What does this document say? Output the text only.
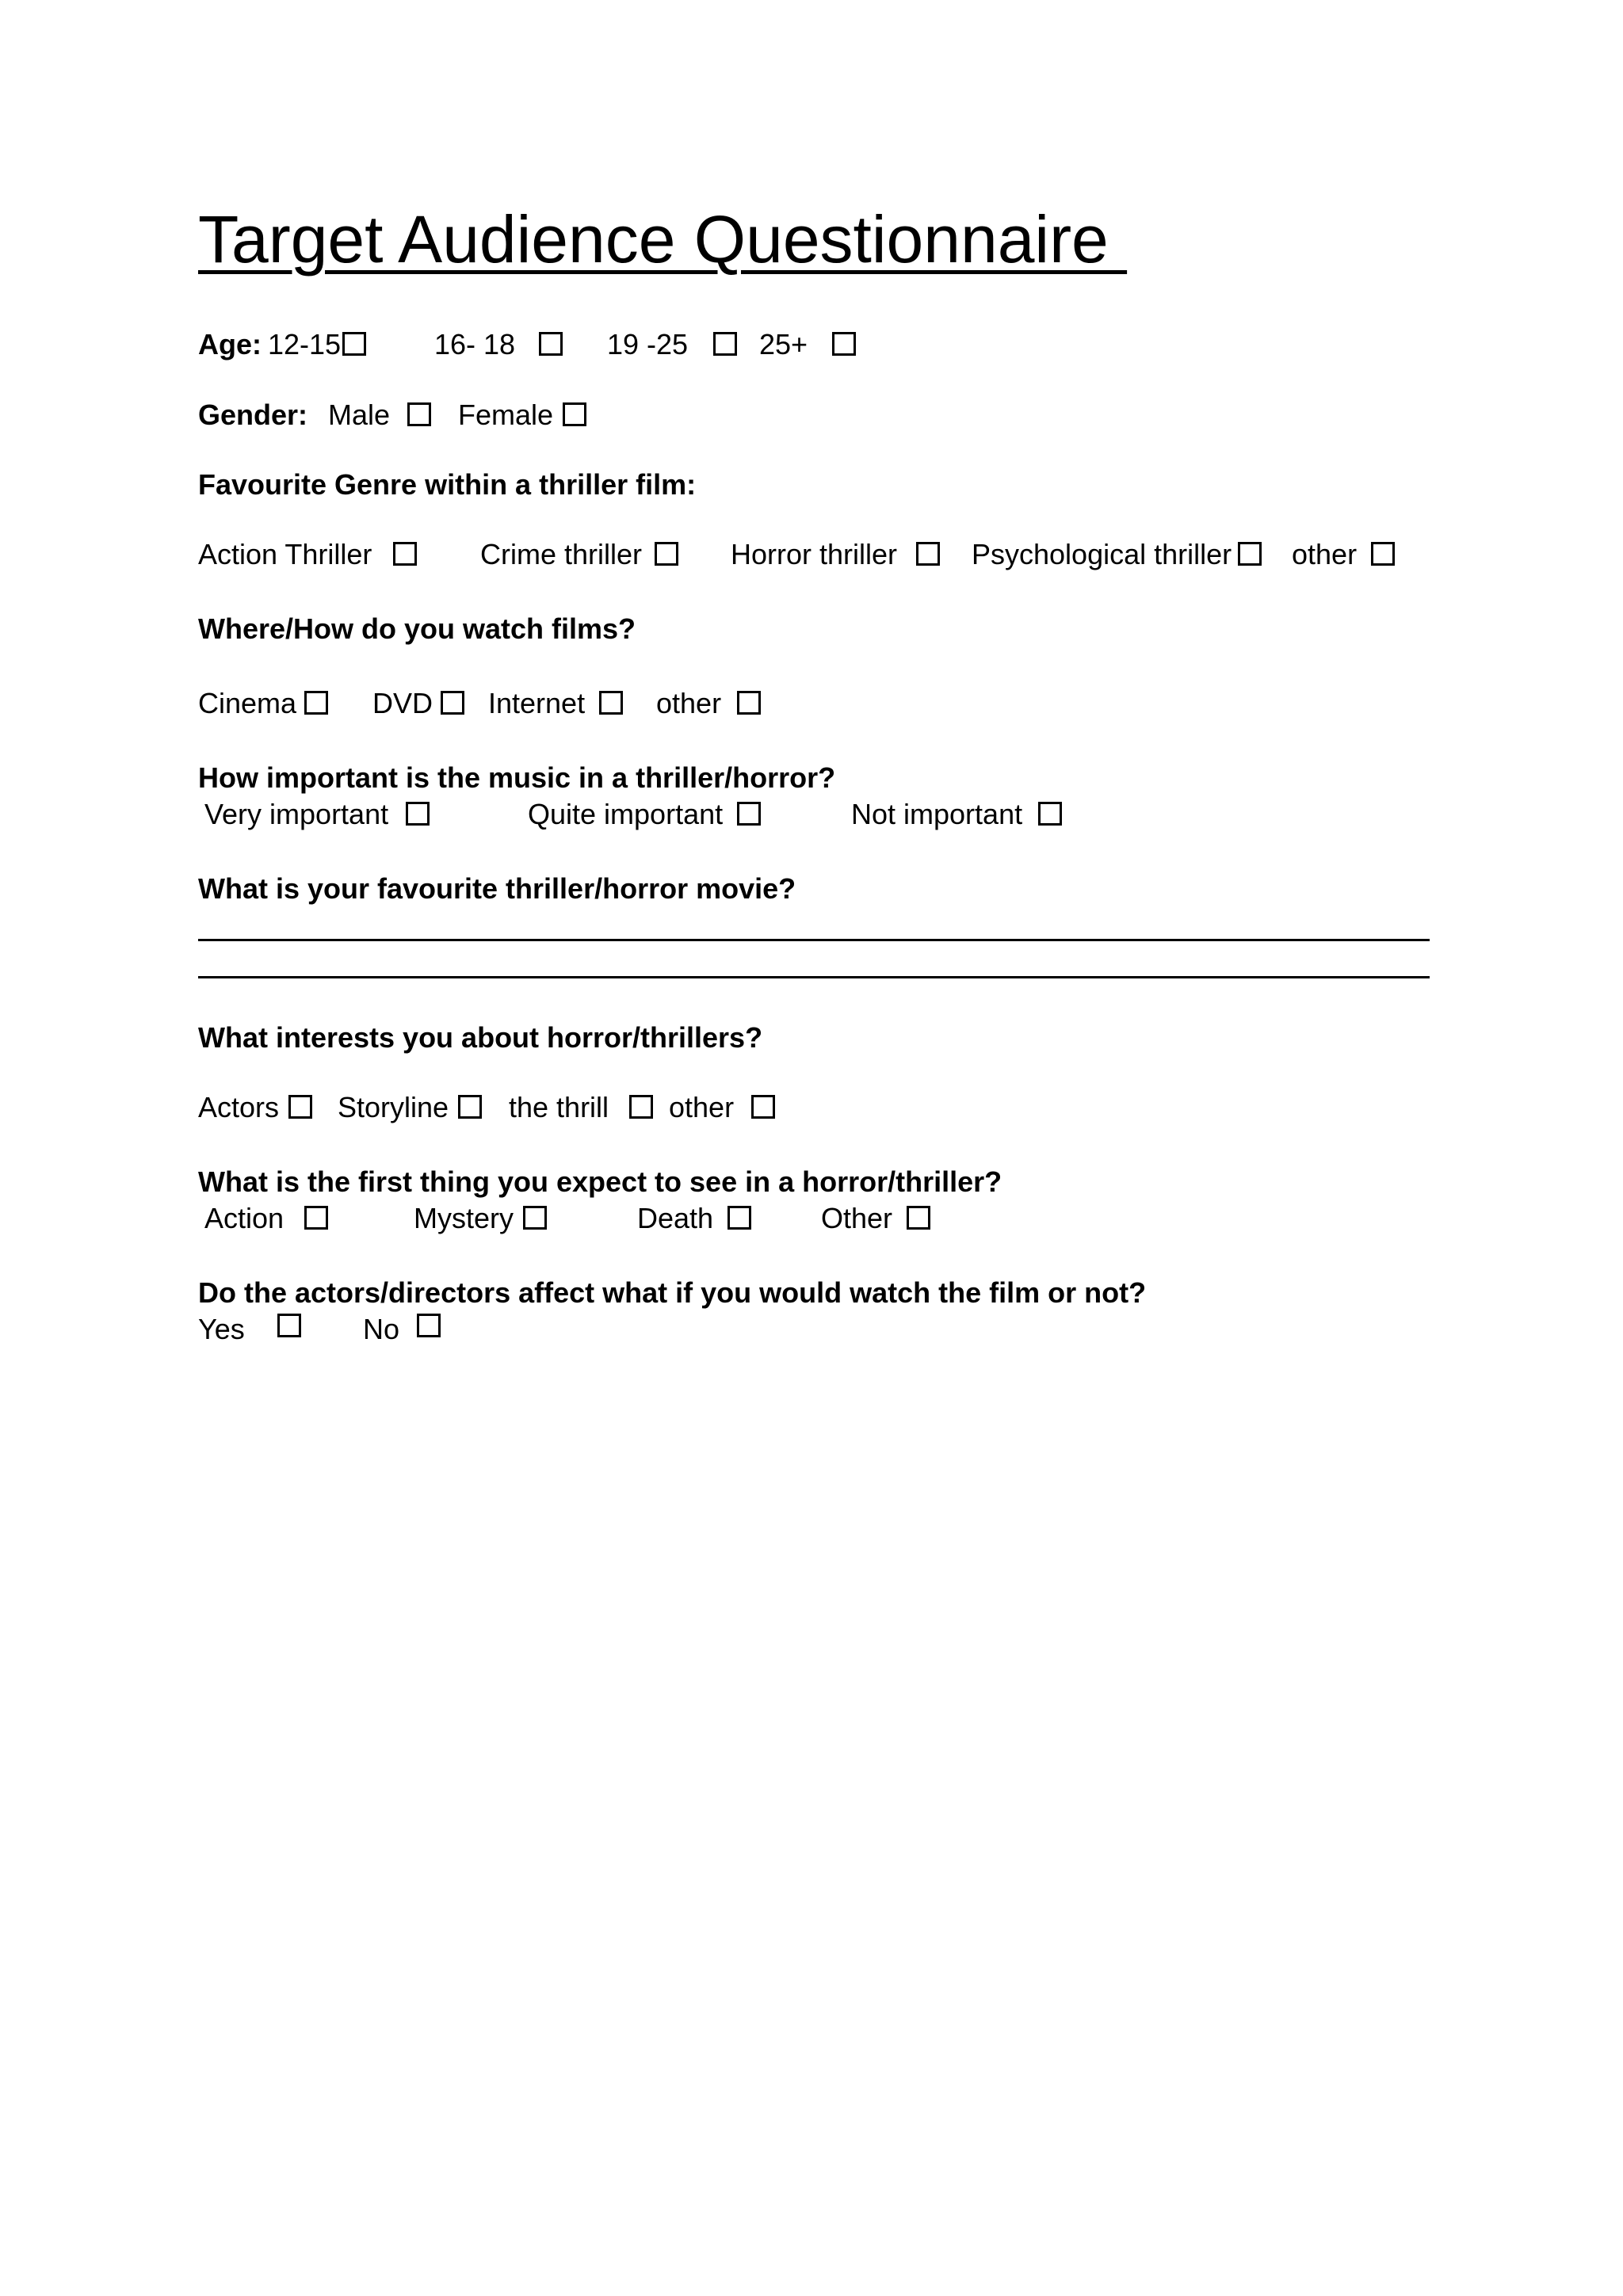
Target Audience Questionnaire

Age:

12-15

	16- 18

	19 -25

25+

Gender:

Male

Female

Favourite Genre within a thriller film:

Action Thriller

	Crime thriller

	Horror thriller

	Psychological thriller

other

Where/How do you watch films?

Cinema

	DVD

Internet

other

How important is the music in a thriller/horror?

Very important

	Quite important

	Not important

What is your favourite thriller/horror movie?

What interests you about horror/thrillers?

Actors

Storyline

the thrill

other

What is the first thing you expect to see in a horror/thriller?

Action

	Mystery

	Death

	Other

Do the actors/directors affect what if you would watch the film or not?

Yes

	No
